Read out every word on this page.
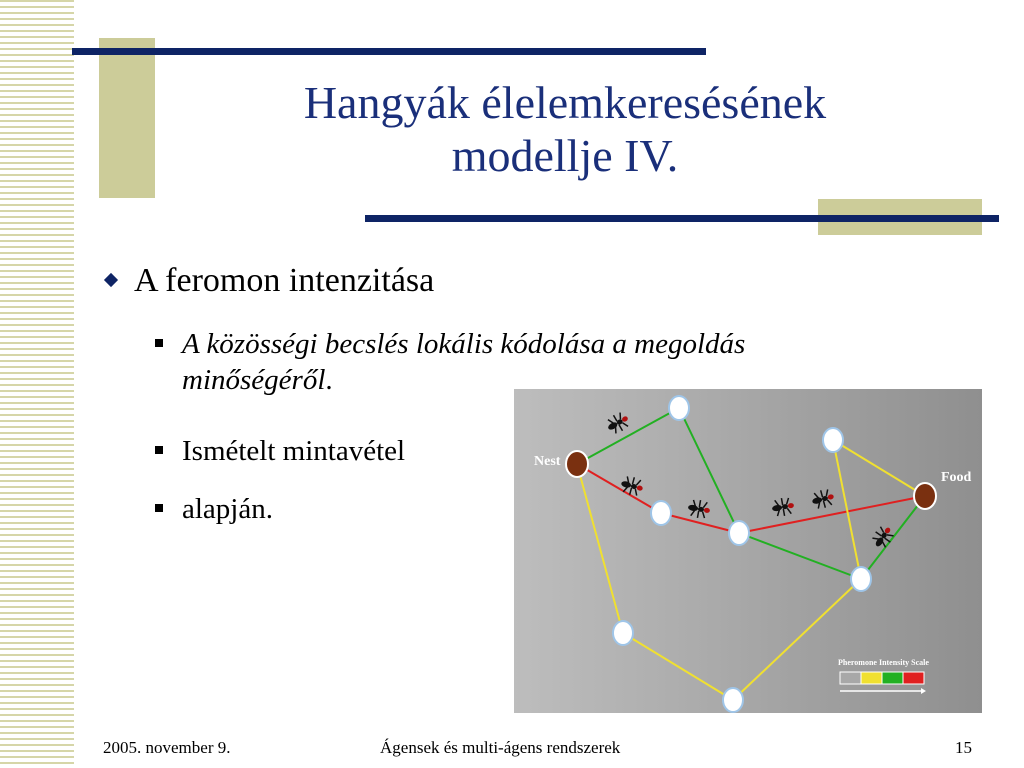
Hangyák élelemkeresésének
modellje IV.
A feromon intenzitása
A közösségi becslés lokális kódolása a megoldás
minőségéről.
Ismételt mintavétel
alapján.
Nest
Food
Pheromone Intensity Scale
2005. november 9.	Ágensek és multi-ágens rendszerek	15
